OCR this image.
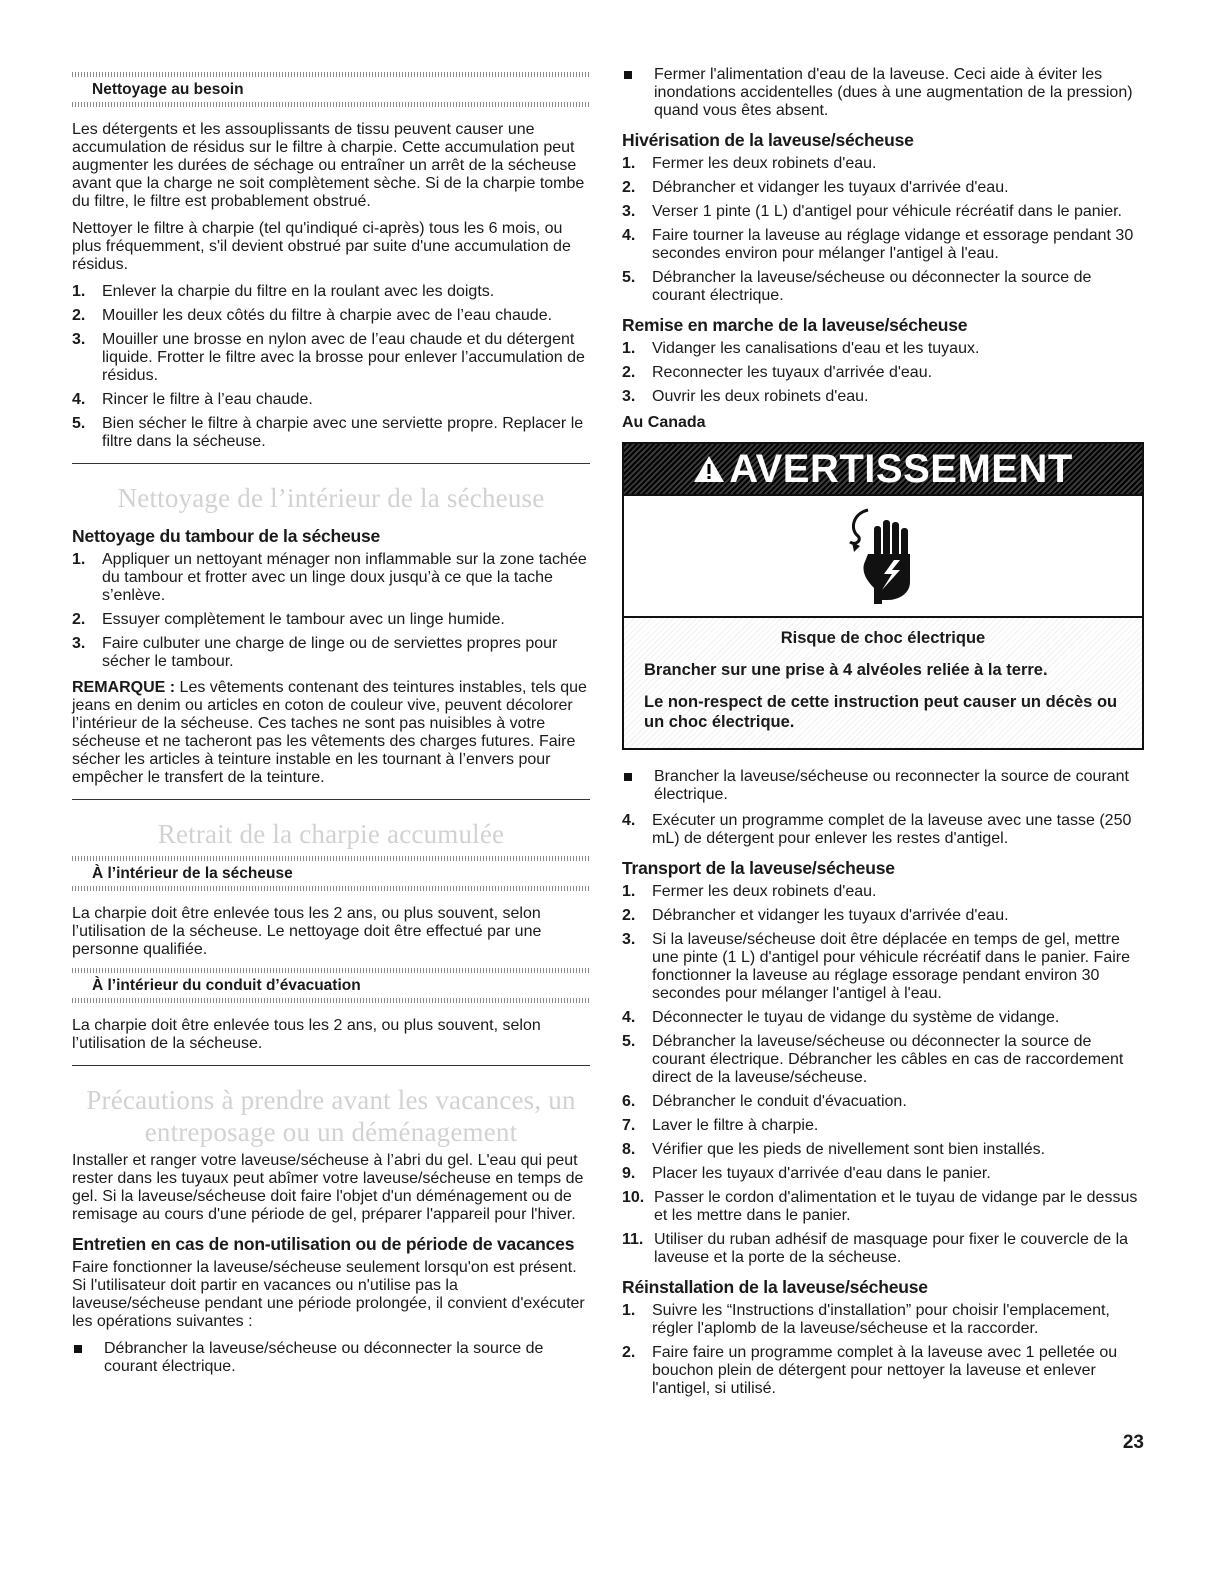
Nettoyage au besoin

Les détergents et les assouplissants de tissu peuvent causer une accumulation de résidus sur le filtre à charpie. Cette accumulation peut augmenter les durées de séchage ou entraîner un arrêt de la sécheuse avant que la charge ne soit complètement sèche. Si de la charpie tombe du filtre, le filtre est probablement obstrué.

Nettoyer le filtre à charpie (tel qu'indiqué ci-après) tous les 6 mois, ou plus fréquemment, s'il devient obstrué par suite d'une accumulation de résidus.

1. Enlever la charpie du filtre en la roulant avec les doigts.
2. Mouiller les deux côtés du filtre à charpie avec de l’eau chaude.
3. Mouiller une brosse en nylon avec de l’eau chaude et du détergent liquide. Frotter le filtre avec la brosse pour enlever l’accumulation de résidus.
4. Rincer le filtre à l’eau chaude.
5. Bien sécher le filtre à charpie avec une serviette propre. Replacer le filtre dans la sécheuse.
Nettoyage de l’intérieur de la sécheuse
Nettoyage du tambour de la sécheuse
1. Appliquer un nettoyant ménager non inflammable sur la zone tachée du tambour et frotter avec un linge doux jusqu’à ce que la tache s’enlève.
2. Essuyer complètement le tambour avec un linge humide.
3. Faire culbuter une charge de linge ou de serviettes propres pour sécher le tambour.

REMARQUE : Les vêtements contenant des teintures instables, tels que jeans en denim ou articles en coton de couleur vive, peuvent décolorer l’intérieur de la sécheuse. Ces taches ne sont pas nuisibles à votre sécheuse et ne tacheront pas les vêtements des charges futures. Faire sécher les articles à teinture instable en les tournant à l’envers pour empêcher le transfert de la teinture.

Retrait de la charpie accumulée
À l’intérieur de la sécheuse

La charpie doit être enlevée tous les 2 ans, ou plus souvent, selon l’utilisation de la sécheuse. Le nettoyage doit être effectué par une personne qualifiée.

À l’intérieur du conduit d’évacuation

La charpie doit être enlevée tous les 2 ans, ou plus souvent, selon l’utilisation de la sécheuse.

Précautions à prendre avant les vacances, un
entreposage ou un déménagement

Installer et ranger votre laveuse/sécheuse à l’abri du gel. L'eau qui peut rester dans les tuyaux peut abîmer votre laveuse/sécheuse en temps de gel. Si la laveuse/sécheuse doit faire l'objet d'un déménagement ou de remisage au cours d'une période de gel, préparer l'appareil pour l'hiver.

Entretien en cas de non-utilisation ou de période de vacances

Faire fonctionner la laveuse/sécheuse seulement lorsqu'on est présent. Si l'utilisateur doit partir en vacances ou n'utilise pas la laveuse/sécheuse pendant une période prolongée, il convient d'exécuter les opérations suivantes :

Débrancher la laveuse/sécheuse ou déconnecter la source de courant électrique.
Fermer l'alimentation d'eau de la laveuse. Ceci aide à éviter les inondations accidentelles (dues à une augmentation de la pression) quand vous êtes absent.
Hivérisation de la laveuse/sécheuse
1. Fermer les deux robinets d'eau.
2. Débrancher et vidanger les tuyaux d'arrivée d'eau.
3. Verser 1 pinte (1 L) d'antigel pour véhicule récréatif dans le panier.
4. Faire tourner la laveuse au réglage vidange et essorage pendant 30 secondes environ pour mélanger l'antigel à l'eau.
5. Débrancher la laveuse/sécheuse ou déconnecter la source de courant électrique.
Remise en marche de la laveuse/sécheuse
1. Vidanger les canalisations d'eau et les tuyaux.
2. Reconnecter les tuyaux d'arrivée d'eau.
3. Ouvrir les deux robinets d'eau.
Au Canada
AVERTISSEMENT
Risque de choc électrique
Brancher sur une prise à 4 alvéoles reliée à la terre.
Le non-respect de cette instruction peut causer un décès ou un choc électrique.
Brancher la laveuse/sécheuse ou reconnecter la source de courant électrique.
4. Exécuter un programme complet de la laveuse avec une tasse (250 mL) de détergent pour enlever les restes d'antigel.
Transport de la laveuse/sécheuse
1. Fermer les deux robinets d'eau.
2. Débrancher et vidanger les tuyaux d'arrivée d'eau.
3. Si la laveuse/sécheuse doit être déplacée en temps de gel, mettre une pinte (1 L) d'antigel pour véhicule récréatif dans le panier. Faire fonctionner la laveuse au réglage essorage pendant environ 30 secondes pour mélanger l'antigel à l'eau.
4. Déconnecter le tuyau de vidange du système de vidange.
5. Débrancher la laveuse/sécheuse ou déconnecter la source de courant électrique. Débrancher les câbles en cas de raccordement direct de la laveuse/sécheuse.
6. Débrancher le conduit d'évacuation.
7. Laver le filtre à charpie.
8. Vérifier que les pieds de nivellement sont bien installés.
9. Placer les tuyaux d'arrivée d'eau dans le panier.
10. Passer le cordon d'alimentation et le tuyau de vidange par le dessus et les mettre dans le panier.
11. Utiliser du ruban adhésif de masquage pour fixer le couvercle de la laveuse et la porte de la sécheuse.
Réinstallation de la laveuse/sécheuse
1. Suivre les “Instructions d'installation” pour choisir l'emplacement, régler l'aplomb de la laveuse/sécheuse et la raccorder.
2. Faire faire un programme complet à la laveuse avec 1 pelletée ou bouchon plein de détergent pour nettoyer la laveuse et enlever l'antigel, si utilisé.
23
